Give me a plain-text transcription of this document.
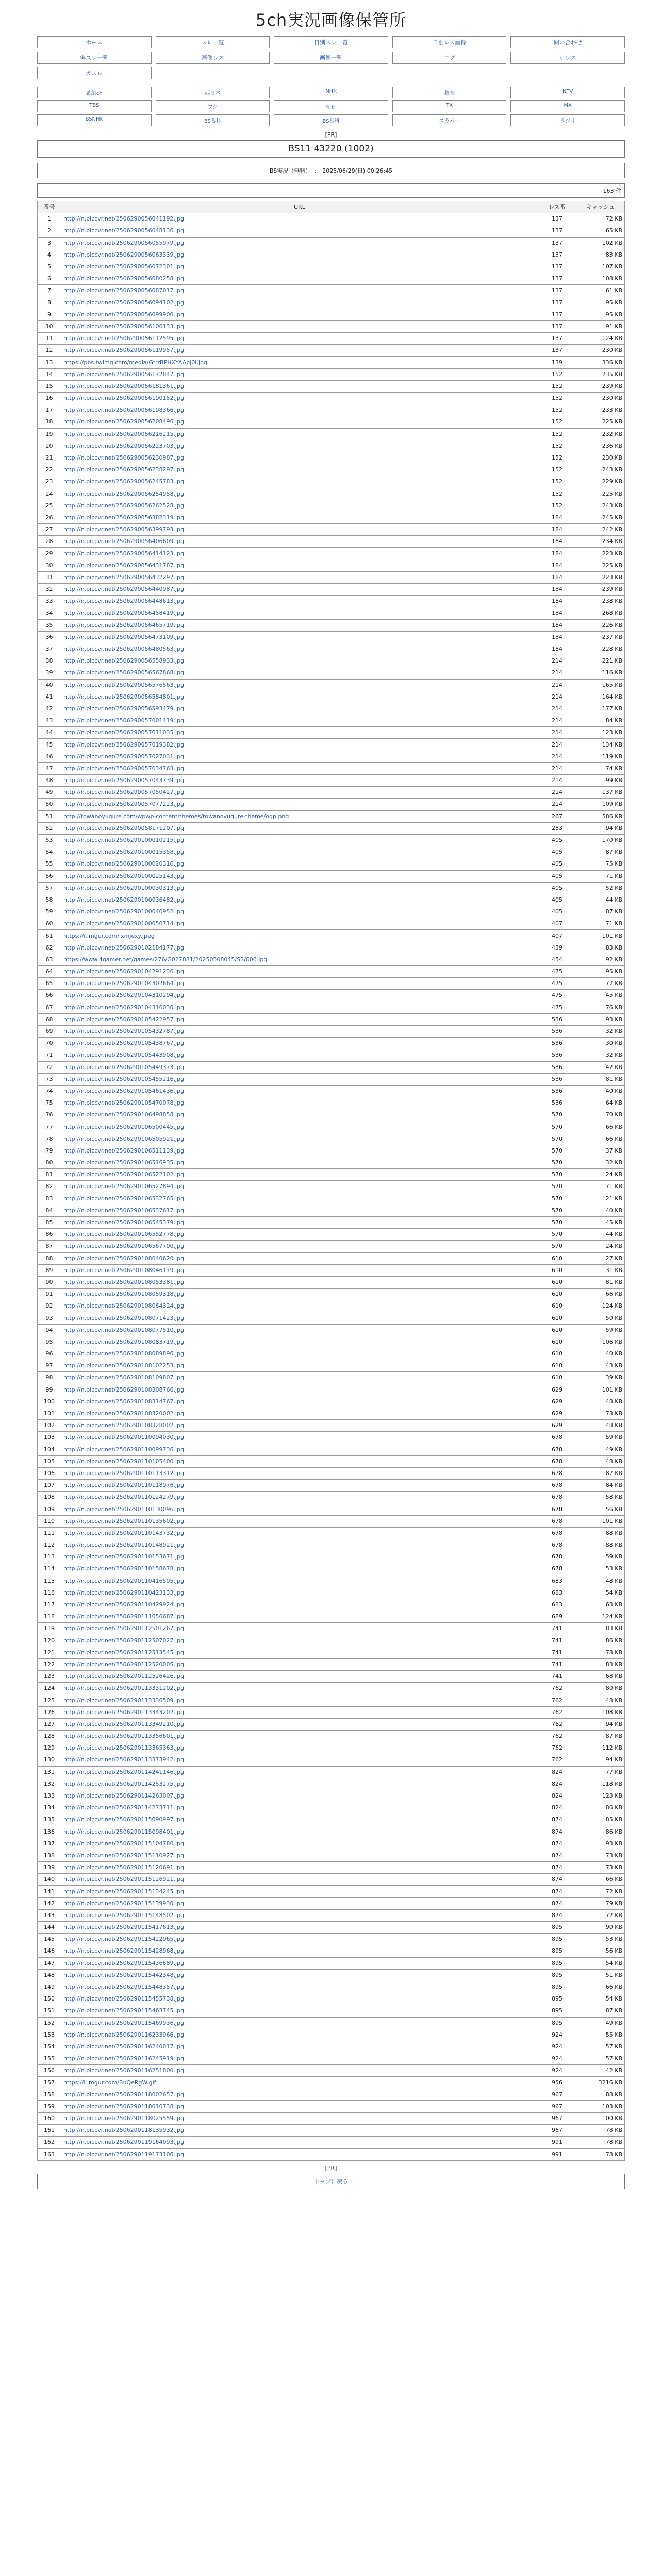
5ch実況画像保管所
ホーム	スレ一覧	日別スレ一覧	日別レス画像	問い合わせ
実スレ一覧	画像レス	画像一覧	ログ	ホレス
ガスレ
番組ch	西日本	NHK	教育	NTV
TBS	フジ	朝日	TX	MX
BSNHK	BS番科	BS番科	スカパー	ラジオ
[PR]
BS11 43220 (1002)
BS実況（無料）　：　2025/06/29(日) 00:26:45
163 件
番号	URL	レス番	キャッシュ
1	http://n.piccvr.net/2506290056041192.jpg	137	72 KB
2	http://n.piccvr.net/2506290056048136.jpg	137	65 KB
3	http://n.piccvr.net/2506290056055979.jpg	137	102 KB
4	http://n.piccvr.net/2506290056063339.jpg	137	83 KB
5	http://n.piccvr.net/2506290056072301.jpg	137	107 KB
6	http://n.piccvr.net/2506290056080258.jpg	137	108 KB
7	http://n.piccvr.net/2506290056087017.jpg	137	61 KB
8	http://n.piccvr.net/2506290056094102.jpg	137	95 KB
9	http://n.piccvr.net/2506290056099900.jpg	137	95 KB
10	http://n.piccvr.net/2506290056106133.jpg	137	91 KB
11	http://n.piccvr.net/2506290056112595.jpg	137	124 KB
12	http://n.piccvr.net/2506290056119957.jpg	137	230 KB
13	https://pbs.twimg.com/media/GtrrBPHXYAApj0l.jpg	139	336 KB
14	http://n.piccvr.net/2506290056172847.jpg	152	235 KB
15	http://n.piccvr.net/2506290056181361.jpg	152	239 KB
16	http://n.piccvr.net/2506290056190152.jpg	152	230 KB
17	http://n.piccvr.net/2506290056198366.jpg	152	233 KB
18	http://n.piccvr.net/2506290056208496.jpg	152	225 KB
19	http://n.piccvr.net/2506290056216215.jpg	152	232 KB
20	http://n.piccvr.net/2506290056223703.jpg	152	236 KB
21	http://n.piccvr.net/2506290056230987.jpg	152	230 KB
22	http://n.piccvr.net/2506290056238297.jpg	152	243 KB
23	http://n.piccvr.net/2506290056245783.jpg	152	229 KB
24	http://n.piccvr.net/2506290056254958.jpg	152	225 KB
25	http://n.piccvr.net/2506290056262528.jpg	152	243 KB
26	http://n.piccvr.net/2506290056382319.jpg	184	245 KB
27	http://n.piccvr.net/2506290056399793.jpg	184	242 KB
28	http://n.piccvr.net/2506290056406609.jpg	184	234 KB
29	http://n.piccvr.net/2506290056414123.jpg	184	223 KB
30	http://n.piccvr.net/2506290056431787.jpg	184	225 KB
31	http://n.piccvr.net/2506290056432297.jpg	184	223 KB
32	http://n.piccvr.net/2506290056440987.jpg	184	239 KB
33	http://n.piccvr.net/2506290056448613.jpg	184	238 KB
34	http://n.piccvr.net/2506290056458419.jpg	184	268 KB
35	http://n.piccvr.net/2506290056465719.jpg	184	226 KB
36	http://n.piccvr.net/2506290056473109.jpg	184	237 KB
37	http://n.piccvr.net/2506290056480563.jpg	184	228 KB
38	http://n.piccvr.net/2506290056558933.jpg	214	221 KB
39	http://n.piccvr.net/2506290056567868.jpg	214	116 KB
40	http://n.piccvr.net/2506290056576563.jpg	214	165 KB
41	http://n.piccvr.net/2506290056584801.jpg	214	164 KB
42	http://n.piccvr.net/2506290056593479.jpg	214	177 KB
43	http://n.piccvr.net/2506290057001419.jpg	214	84 KB
44	http://n.piccvr.net/2506290057011035.jpg	214	123 KB
45	http://n.piccvr.net/2506290057019382.jpg	214	134 KB
46	http://n.piccvr.net/2506290057027031.jpg	214	119 KB
47	http://n.piccvr.net/2506290057034763.jpg	214	74 KB
48	http://n.piccvr.net/2506290057043739.jpg	214	99 KB
49	http://n.piccvr.net/2506290057050427.jpg	214	137 KB
50	http://n.piccvr.net/2506290057077223.jpg	214	109 KB
51	http://towanoyugure.com/wpwp-content/themes/towanoyugure-theme/ogp.png	267	586 KB
52	http://n.piccvr.net/2506290058171207.jpg	283	94 KB
53	http://n.piccvr.net/2506290100010215.jpg	405	170 KB
54	http://n.piccvr.net/2506290100015358.jpg	405	87 KB
55	http://n.piccvr.net/2506290100020316.jpg	405	75 KB
56	http://n.piccvr.net/2506290100025143.jpg	405	71 KB
57	http://n.piccvr.net/2506290100030313.jpg	405	52 KB
58	http://n.piccvr.net/2506290100036482.jpg	405	44 KB
59	http://n.piccvr.net/2506290100040952.jpg	405	87 KB
60	http://n.piccvr.net/2506290100050714.jpg	407	71 KB
61	https://i.imgur.com/Ixmjexy.jpeg	407	101 KB
62	http://n.piccvr.net/2506290102184177.jpg	439	83 KB
63	https://www.4gamer.net/games/276/G027881/20250508045/SS/006.jpg	454	92 KB
64	http://n.piccvr.net/2506290104291236.jpg	475	95 KB
65	http://n.piccvr.net/2506290104302664.jpg	475	77 KB
66	http://n.piccvr.net/2506290104310294.jpg	475	45 KB
67	http://n.piccvr.net/2506290104316030.jpg	475	76 KB
68	http://n.piccvr.net/2506290105422957.jpg	536	93 KB
69	http://n.piccvr.net/2506290105432787.jpg	536	32 KB
70	http://n.piccvr.net/2506290105438767.jpg	536	30 KB
71	http://n.piccvr.net/2506290105443908.jpg	536	32 KB
72	http://n.piccvr.net/2506290105449373.jpg	536	42 KB
73	http://n.piccvr.net/2506290105455216.jpg	536	81 KB
74	http://n.piccvr.net/2506290105461436.jpg	536	40 KB
75	http://n.piccvr.net/2506290105470078.jpg	536	64 KB
76	http://n.piccvr.net/2506290106498858.jpg	570	70 KB
77	http://n.piccvr.net/2506290106500445.jpg	570	66 KB
78	http://n.piccvr.net/2506290106505921.jpg	570	66 KB
79	http://n.piccvr.net/2506290106511139.jpg	570	37 KB
80	http://n.piccvr.net/2506290106516935.jpg	570	32 KB
81	http://n.piccvr.net/2506290106522102.jpg	570	24 KB
82	http://n.piccvr.net/2506290106527894.jpg	570	71 KB
83	http://n.piccvr.net/2506290106532765.jpg	570	21 KB
84	http://n.piccvr.net/2506290106537617.jpg	570	40 KB
85	http://n.piccvr.net/2506290106545379.jpg	570	45 KB
86	http://n.piccvr.net/2506290106552778.jpg	570	44 KB
87	http://n.piccvr.net/2506290106567700.jpg	570	24 KB
88	http://n.piccvr.net/2506290108040620.jpg	610	27 KB
89	http://n.piccvr.net/2506290108046179.jpg	610	31 KB
90	http://n.piccvr.net/2506290108053381.jpg	610	81 KB
91	http://n.piccvr.net/2506290108059318.jpg	610	66 KB
92	http://n.piccvr.net/2506290108064324.jpg	610	124 KB
93	http://n.piccvr.net/2506290108071423.jpg	610	50 KB
94	http://n.piccvr.net/2506290108077510.jpg	610	59 KB
95	http://n.piccvr.net/2506290108083719.jpg	610	106 KB
96	http://n.piccvr.net/2506290108089896.jpg	610	40 KB
97	http://n.piccvr.net/2506290108102253.jpg	610	43 KB
98	http://n.piccvr.net/2506290108109807.jpg	610	39 KB
99	http://n.piccvr.net/2506290108308766.jpg	629	101 KB
100	http://n.piccvr.net/2506290108314767.jpg	629	48 KB
101	http://n.piccvr.net/2506290108320002.jpg	629	73 KB
102	http://n.piccvr.net/2506290108328002.jpg	629	48 KB
103	http://n.piccvr.net/2506290110094030.jpg	678	59 KB
104	http://n.piccvr.net/2506290110099736.jpg	678	49 KB
105	http://n.piccvr.net/2506290110105400.jpg	678	48 KB
106	http://n.piccvr.net/2506290110113312.jpg	678	87 KB
107	http://n.piccvr.net/2506290110118976.jpg	678	84 KB
108	http://n.piccvr.net/2506290110124279.jpg	678	58 KB
109	http://n.piccvr.net/2506290110130096.jpg	678	56 KB
110	http://n.piccvr.net/2506290110135602.jpg	678	101 KB
111	http://n.piccvr.net/2506290110143732.jpg	678	88 KB
112	http://n.piccvr.net/2506290110148921.jpg	678	88 KB
113	http://n.piccvr.net/2506290110153671.jpg	678	59 KB
114	http://n.piccvr.net/2506290110158678.jpg	678	53 KB
115	http://n.piccvr.net/2506290110416595.jpg	683	48 KB
116	http://n.piccvr.net/2506290110423133.jpg	683	54 KB
117	http://n.piccvr.net/2506290110429924.jpg	683	63 KB
118	http://n.piccvr.net/2506290111056687.jpg	689	124 KB
119	http://n.piccvr.net/2506290112501267.jpg	741	83 KB
120	http://n.piccvr.net/2506290112507027.jpg	741	86 KB
121	http://n.piccvr.net/2506290112513545.jpg	741	78 KB
122	http://n.piccvr.net/2506290112520005.jpg	741	83 KB
123	http://n.piccvr.net/2506290112526426.jpg	741	68 KB
124	http://n.piccvr.net/2506290113331202.jpg	762	80 KB
125	http://n.piccvr.net/2506290113336509.jpg	762	48 KB
126	http://n.piccvr.net/2506290113343202.jpg	762	108 KB
127	http://n.piccvr.net/2506290113349210.jpg	762	94 KB
128	http://n.piccvr.net/2506290113356601.jpg	762	87 KB
129	http://n.piccvr.net/2506290113365363.jpg	762	112 KB
130	http://n.piccvr.net/2506290113373942.jpg	762	94 KB
131	http://n.piccvr.net/2506290114241146.jpg	824	77 KB
132	http://n.piccvr.net/2506290114253275.jpg	824	118 KB
133	http://n.piccvr.net/2506290114263007.jpg	824	123 KB
134	http://n.piccvr.net/2506290114273711.jpg	824	86 KB
135	http://n.piccvr.net/2506290115090997.jpg	874	85 KB
136	http://n.piccvr.net/2506290115098401.jpg	874	86 KB
137	http://n.piccvr.net/2506290115104780.jpg	874	93 KB
138	http://n.piccvr.net/2506290115110927.jpg	874	73 KB
139	http://n.piccvr.net/2506290115120691.jpg	874	73 KB
140	http://n.piccvr.net/2506290115126921.jpg	874	66 KB
141	http://n.piccvr.net/2506290115134245.jpg	874	72 KB
142	http://n.piccvr.net/2506290115139930.jpg	874	79 KB
143	http://n.piccvr.net/2506290115148502.jpg	874	72 KB
144	http://n.piccvr.net/2506290115417613.jpg	895	90 KB
145	http://n.piccvr.net/2506290115422965.jpg	895	53 KB
146	http://n.piccvr.net/2506290115428968.jpg	895	56 KB
147	http://n.piccvr.net/2506290115436689.jpg	895	54 KB
148	http://n.piccvr.net/2506290115442348.jpg	895	51 KB
149	http://n.piccvr.net/2506290115448357.jpg	895	66 KB
150	http://n.piccvr.net/2506290115455738.jpg	895	54 KB
151	http://n.piccvr.net/2506290115463745.jpg	895	87 KB
152	http://n.piccvr.net/2506290115469936.jpg	895	49 KB
153	http://n.piccvr.net/2506290116233966.jpg	924	55 KB
154	http://n.piccvr.net/2506290116240017.jpg	924	57 KB
155	http://n.piccvr.net/2506290116245919.jpg	924	57 KB
156	http://n.piccvr.net/2506290116251800.jpg	924	42 KB
157	https://i.imgur.com/BuQeRgW.gif	956	3216 KB
158	http://n.piccvr.net/2506290118002657.jpg	967	88 KB
159	http://n.piccvr.net/2506290118010738.jpg	967	103 KB
160	http://n.piccvr.net/2506290118025559.jpg	967	100 KB
161	http://n.piccvr.net/2506290118135932.jpg	967	78 KB
162	http://n.piccvr.net/2506290119164093.jpg	991	78 KB
163	http://n.piccvr.net/2506290119173106.jpg	991	78 KB
[PR]
トップに戻る
